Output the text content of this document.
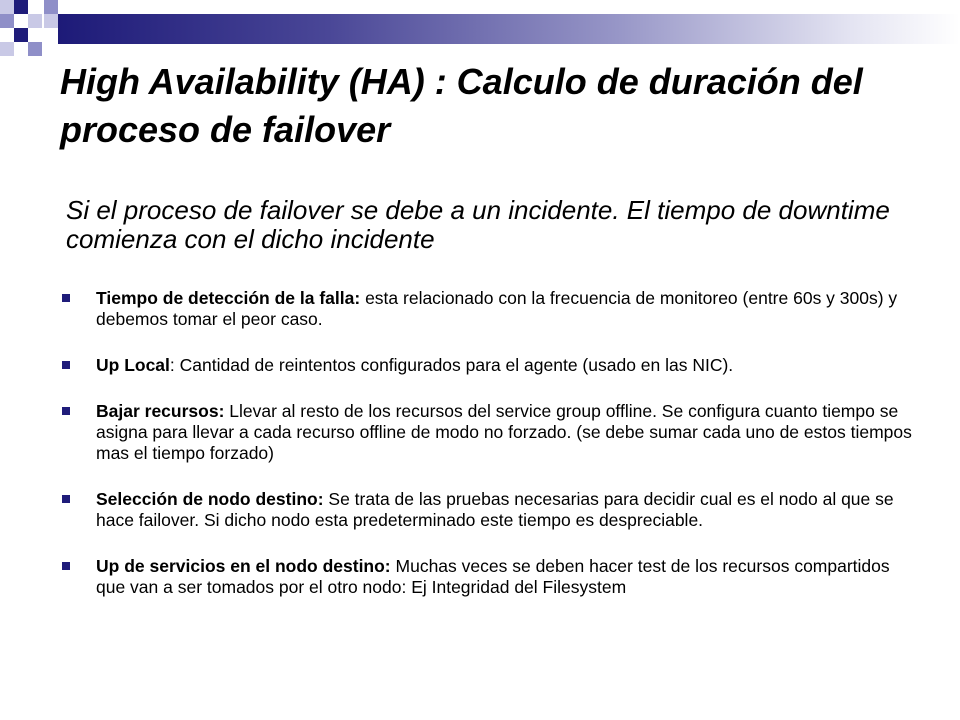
High Availability (HA) : Calculo de duración del proceso de failover
Si el proceso de failover se debe a un incidente. El tiempo de downtime comienza con el dicho incidente
Tiempo de detección de la falla: esta relacionado con la frecuencia de monitoreo (entre 60s y 300s) y debemos tomar el peor caso.
Up Local: Cantidad de reintentos configurados para el agente (usado en las NIC).
Bajar recursos: Llevar al resto de los recursos del service group offline. Se configura cuanto tiempo se asigna para llevar a cada recurso offline de modo no forzado. (se debe sumar cada uno de estos tiempos mas el tiempo forzado)
Selección de nodo destino: Se trata de las pruebas necesarias para decidir cual es el nodo al que se hace failover. Si dicho nodo esta predeterminado este tiempo es despreciable.
Up de servicios en el nodo destino: Muchas veces se deben hacer test de los recursos compartidos que van a ser tomados por el otro nodo: Ej Integridad del Filesystem
